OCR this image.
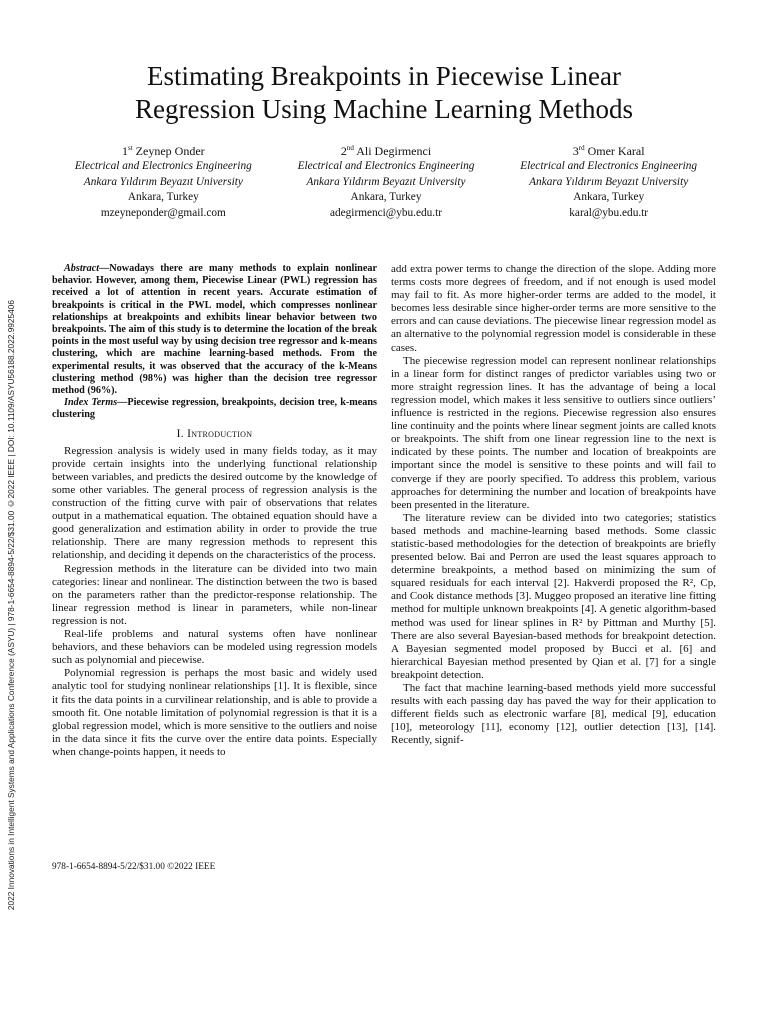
2022 Innovations in Intelligent Systems and Applications Conference (ASYU) | 978-1-6654-8894-5/22/$31.00 ©2022 IEEE | DOI: 10.1109/ASYU56188.2022.9925406
Estimating Breakpoints in Piecewise Linear
Regression Using Machine Learning Methods
1st Zeynep Onder
Electrical and Electronics Engineering
Ankara Yıldırım Beyazıt University
Ankara, Turkey
mzeyneponder@gmail.com
2nd Ali Degirmenci
Electrical and Electronics Engineering
Ankara Yıldırım Beyazıt University
Ankara, Turkey
adegirmenci@ybu.edu.tr
3rd Omer Karal
Electrical and Electronics Engineering
Ankara Yıldırım Beyazıt University
Ankara, Turkey
karal@ybu.edu.tr

Abstract—Nowadays there are many methods to explain nonlinear behavior. However, among them, Piecewise Linear (PWL) regression has received a lot of attention in recent years. Accurate estimation of breakpoints is critical in the PWL model, which compresses nonlinear relationships at breakpoints and exhibits linear behavior between two breakpoints. The aim of this study is to determine the location of the break points in the most useful way by using decision tree regressor and k-means clustering, which are machine learning-based methods. From the experimental results, it was observed that the accuracy of the k-Means clustering method (98%) was higher than the decision tree regressor method (96%).

Index Terms—Piecewise regression, breakpoints, decision tree, k-means clustering

I. Introduction

Regression analysis is widely used in many fields today, as it may provide certain insights into the underlying functional relationship between variables, and predicts the desired outcome by the knowledge of some other variables. The general process of regression analysis is the construction of the fitting curve with pair of observations that relates output in a mathematical equation. The obtained equation should have a good generalization and estimation ability in order to provide the true relationship. There are many regression methods to represent this relationship, and deciding it depends on the characteristics of the process.

Regression methods in the literature can be divided into two main categories: linear and nonlinear. The distinction between the two is based on the parameters rather than the predictor-response relationship. The linear regression method is linear in parameters, while non-linear regression is not.

Real-life problems and natural systems often have nonlinear behaviors, and these behaviors can be modeled using regression models such as polynomial and piecewise.

Polynomial regression is perhaps the most basic and widely used analytic tool for studying nonlinear relationships [1]. It is flexible, since it fits the data points in a curvilinear relationship, and is able to provide a smooth fit. One notable limitation of polynomial regression is that it is a global regression model, which is more sensitive to the outliers and noise in the data since it fits the curve over the entire data points. Especially when change-points happen, it needs to

978-1-6654-8894-5/22/$31.00 ©2022 IEEE

add extra power terms to change the direction of the slope. Adding more terms costs more degrees of freedom, and if not enough is used model may fail to fit. As more higher-order terms are added to the model, it becomes less desirable since higher-order terms are more sensitive to the errors and can cause deviations. The piecewise linear regression model as an alternative to the polynomial regression model is considerable in these cases.

The piecewise regression model can represent nonlinear relationships in a linear form for distinct ranges of predictor variables using two or more straight regression lines. It has the advantage of being a local regression model, which makes it less sensitive to outliers since outliers’ influence is restricted in the regions. Piecewise regression also ensures line continuity and the points where linear segment joints are called knots or breakpoints. The shift from one linear regression line to the next is indicated by these points. The number and location of breakpoints are important since the model is sensitive to these points and will fail to converge if they are poorly specified. To address this problem, various approaches for determining the number and location of breakpoints have been presented in the literature.

The literature review can be divided into two categories; statistics based methods and machine-learning based methods. Some classic statistic-based methodologies for the detection of breakpoints are briefly presented below. Bai and Perron are used the least squares approach to determine breakpoints, a method based on minimizing the sum of squared residuals for each interval [2]. Hakverdi proposed the R², Cp, and Cook distance methods [3]. Muggeo proposed an iterative line fitting method for multiple unknown breakpoints [4]. A genetic algorithm-based method was used for linear splines in R² by Pittman and Murthy [5]. There are also several Bayesian-based methods for breakpoint detection. A Bayesian segmented model proposed by Bucci et al. [6] and hierarchical Bayesian method presented by Qian et al. [7] for a single breakpoint detection.

The fact that machine learning-based methods yield more successful results with each passing day has paved the way for their application to different fields such as electronic warfare [8], medical [9], education [10], meteorology [11], economy [12], outlier detection [13], [14]. Recently, signif-
